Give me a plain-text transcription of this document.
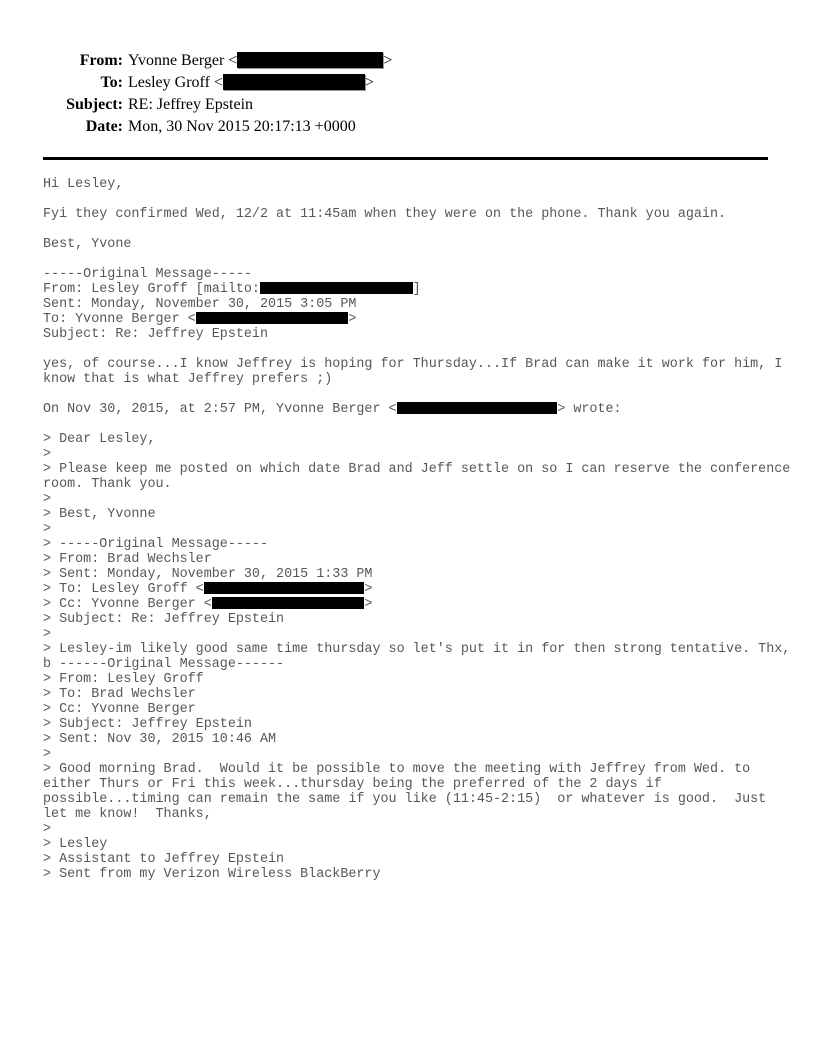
From: Yvonne Berger <	>
To: Lesley Groff <	>
Subject: RE: Jeffrey Epstein
Date: Mon, 30 Nov 2015 20:17:13 +0000
Hi Lesley,

Fyi they confirmed Wed, 12/2 at 11:45am when they were on the phone. Thank you again.

Best, Yvone

-----Original Message-----
From: Lesley Groff [mailto:	]
Sent: Monday, November 30, 2015 3:05 PM
To: Yvonne Berger <	>
Subject: Re: Jeffrey Epstein

yes, of course...I know Jeffrey is hoping for Thursday...If Brad can make it work for him, I
know that is what Jeffrey prefers ;)

On Nov 30, 2015, at 2:57 PM, Yvonne Berger <	> wrote:

> Dear Lesley,
>
> Please keep me posted on which date Brad and Jeff settle on so I can reserve the conference
room. Thank you.
>
> Best, Yvonne
>
> -----Original Message-----
> From: Brad Wechsler
> Sent: Monday, November 30, 2015 1:33 PM
> To: Lesley Groff <	>
> Cc: Yvonne Berger <	>
> Subject: Re: Jeffrey Epstein
>
> Lesley-im likely good same time thursday so let's put it in for then strong tentative. Thx,
b ------Original Message------
> From: Lesley Groff
> To: Brad Wechsler
> Cc: Yvonne Berger
> Subject: Jeffrey Epstein
> Sent: Nov 30, 2015 10:46 AM
>
> Good morning Brad.  Would it be possible to move the meeting with Jeffrey from Wed. to
either Thurs or Fri this week...thursday being the preferred of the 2 days if
possible...timing can remain the same if you like (11:45-2:15)  or whatever is good.  Just
let me know!  Thanks,
>
> Lesley
> Assistant to Jeffrey Epstein
> Sent from my Verizon Wireless BlackBerry
